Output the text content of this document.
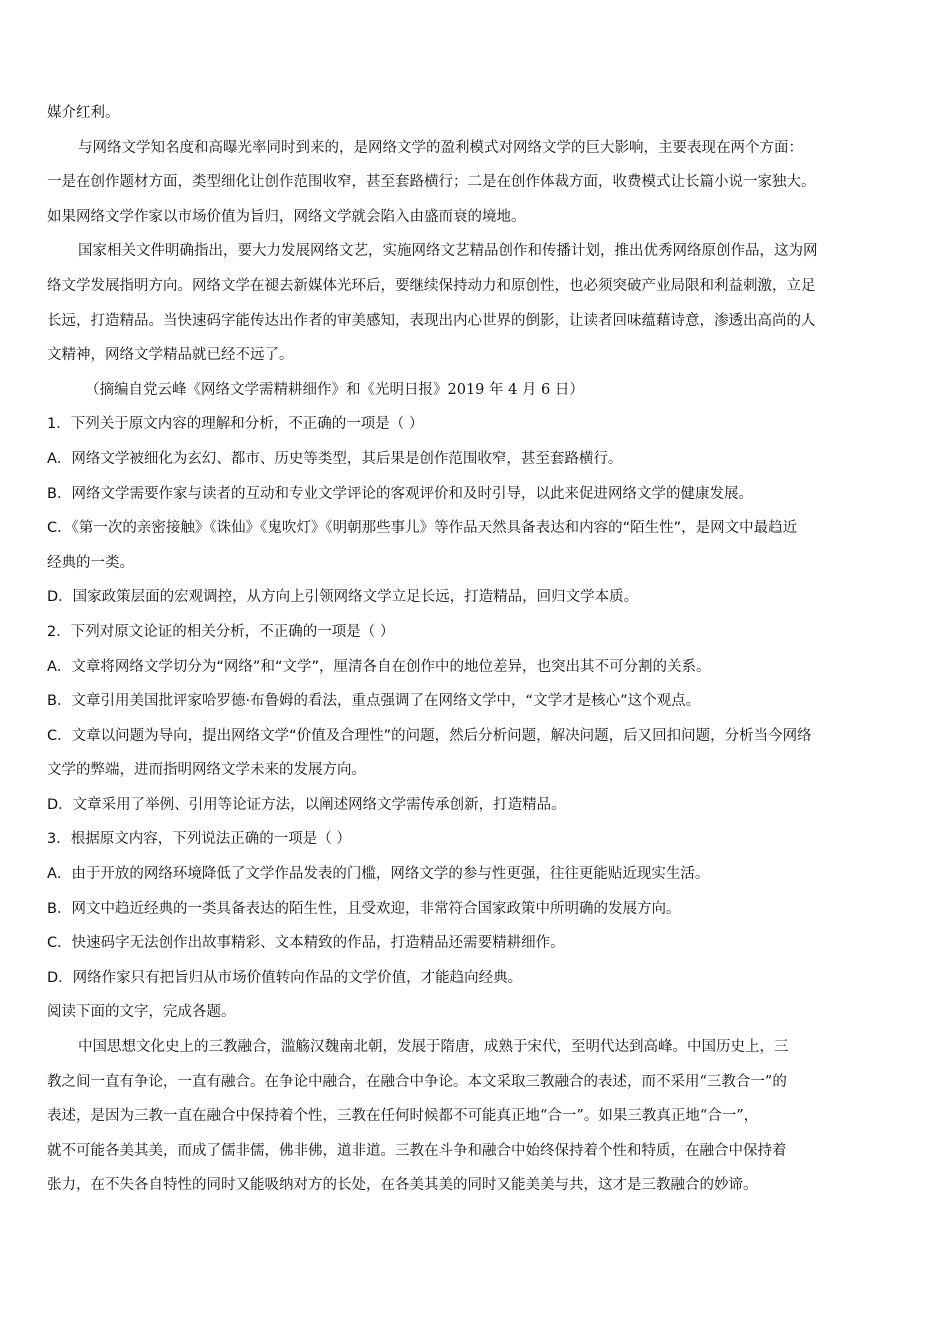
媒介红利。
与网络文学知名度和高曝光率同时到来的，是网络文学的盈利模式对网络文学的巨大影响，主要表现在两个方面：
一是在创作题材方面，类型细化让创作范围收窄，甚至套路横行；二是在创作体裁方面，收费模式让长篇小说一家独大。
如果网络文学作家以市场价值为旨归，网络文学就会陷入由盛而衰的境地。
国家相关文件明确指出，要大力发展网络文艺，实施网络文艺精品创作和传播计划，推出优秀网络原创作品，这为网
络文学发展指明方向。网络文学在褪去新媒体光环后，要继续保持动力和原创性，也必须突破产业局限和利益刺激，立足
长远，打造精品。当快速码字能传达出作者的审美感知，表现出内心世界的倒影，让读者回味蕴藉诗意，渗透出高尚的人
文精神，网络文学精品就已经不远了。
（摘编自党云峰《网络文学需精耕细作》和《光明日报》2019 年 4 月 6 日）
1．下列关于原文内容的理解和分析，不正确的一项是（ ）
A．网络文学被细化为玄幻、都市、历史等类型，其后果是创作范围收窄，甚至套路横行。
B．网络文学需要作家与读者的互动和专业文学评论的客观评价和及时引导，以此来促进网络文学的健康发展。
C．《第一次的亲密接触》《诛仙》《鬼吹灯》《明朝那些事儿》等作品天然具备表达和内容的“陌生性”，是网文中最趋近
经典的一类。
D．国家政策层面的宏观调控，从方向上引领网络文学立足长远，打造精品，回归文学本质。
2．下列对原文论证的相关分析，不正确的一项是（ ）
A．文章将网络文学切分为“网络”和“文学”，厘清各自在创作中的地位差异，也突出其不可分割的关系。
B．文章引用美国批评家哈罗德·布鲁姆的看法，重点强调了在网络文学中，“文学才是核心”这个观点。
C．文章以问题为导向，提出网络文学“价值及合理性”的问题，然后分析问题，解决问题，后又回扣问题，分析当今网络
文学的弊端，进而指明网络文学未来的发展方向。
D．文章采用了举例、引用等论证方法，以阐述网络文学需传承创新，打造精品。
3．根据原文内容，下列说法正确的一项是（ ）
A．由于开放的网络环境降低了文学作品发表的门槛，网络文学的参与性更强，往往更能贴近现实生活。
B．网文中趋近经典的一类具备表达的陌生性，且受欢迎，非常符合国家政策中所明确的发展方向。
C．快速码字无法创作出故事精彩、文本精致的作品，打造精品还需要精耕细作。
D．网络作家只有把旨归从市场价值转向作品的文学价值，才能趋向经典。
阅读下面的文字，完成各题。
中国思想文化史上的三教融合，滥觞汉魏南北朝，发展于隋唐，成熟于宋代，至明代达到高峰。中国历史上，三
教之间一直有争论，一直有融合。在争论中融合，在融合中争论。本文采取三教融合的表述，而不采用“三教合一”的
表述，是因为三教一直在融合中保持着个性，三教在任何时候都不可能真正地“合一”。如果三教真正地“合一”，
就不可能各美其美，而成了儒非儒，佛非佛，道非道。三教在斗争和融合中始终保持着个性和特质，在融合中保持着
张力，在不失各自特性的同时又能吸纳对方的长处，在各美其美的同时又能美美与共，这才是三教融合的妙谛。
